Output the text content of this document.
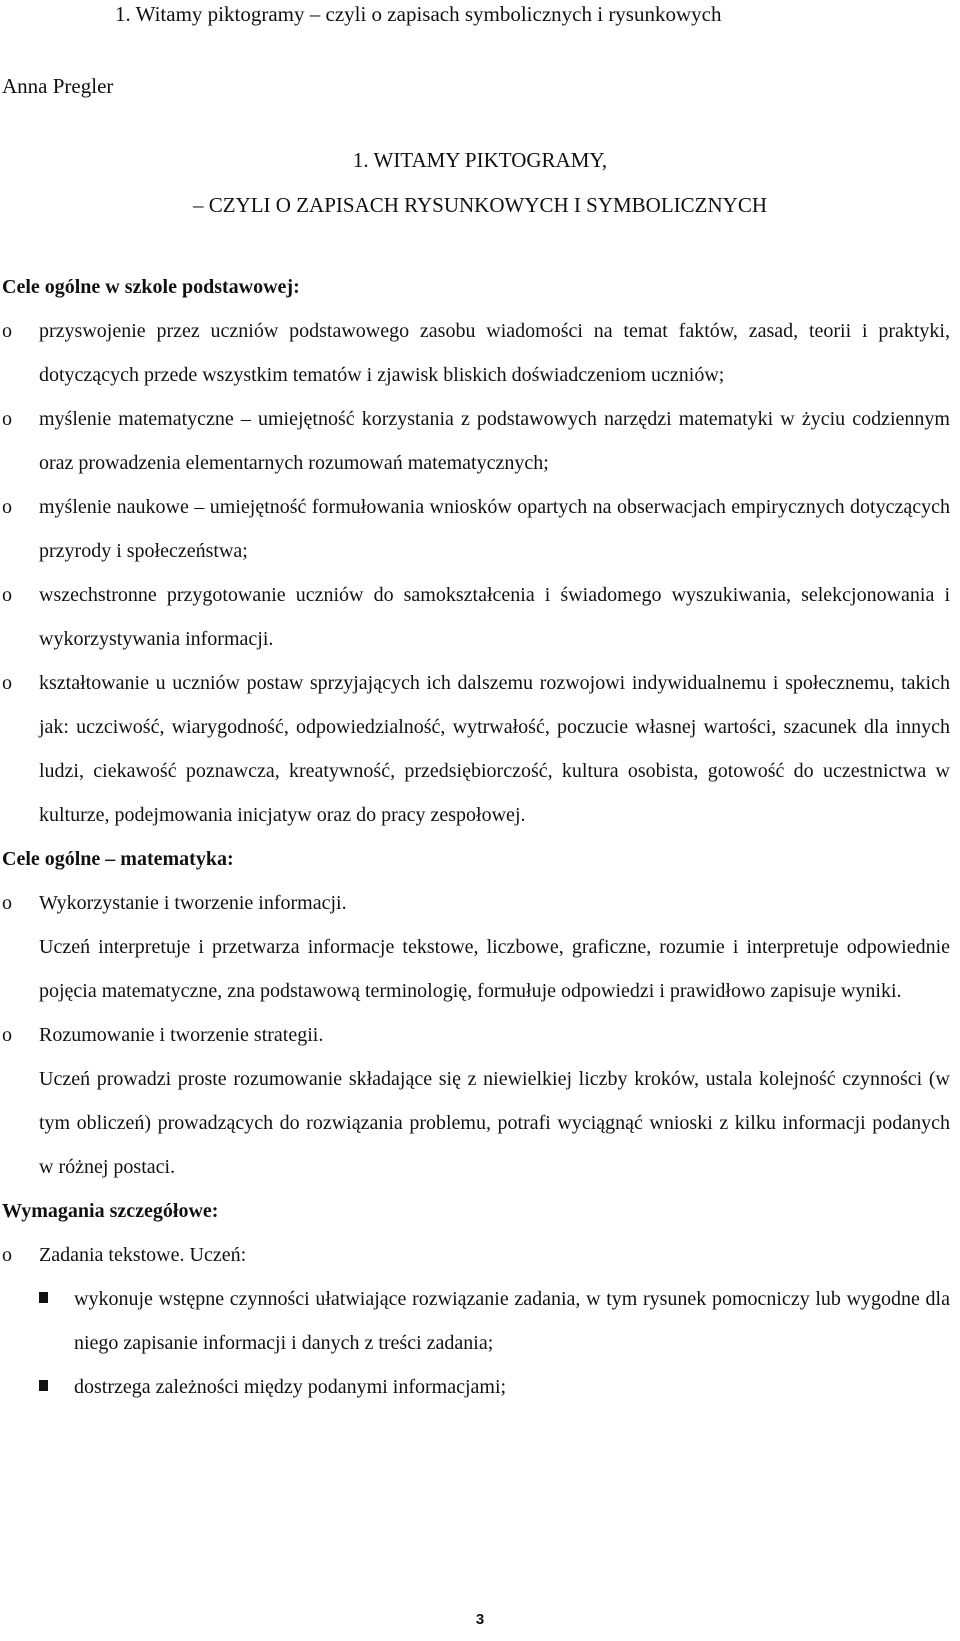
1. Witamy piktogramy – czyli o zapisach symbolicznych i rysunkowych
Anna Pregler
1. WITAMY PIKTOGRAMY,
– CZYLI O ZAPISACH RYSUNKOWYCH I SYMBOLICZNYCH
Cele ogólne w szkole podstawowej:
o przyswojenie przez uczniów podstawowego zasobu wiadomości na temat faktów, zasad, teorii i praktyki, dotyczących przede wszystkim tematów i zjawisk bliskich doświadczeniom uczniów;
o myślenie matematyczne – umiejętność korzystania z podstawowych narzędzi matematyki w życiu codziennym oraz prowadzenia elementarnych rozumowań matematycznych;
o myślenie naukowe – umiejętność formułowania wniosków opartych na obserwacjach empirycznych dotyczących przyrody i społeczeństwa;
o wszechstronne przygotowanie uczniów do samokształcenia i świadomego wyszukiwania, selekcjonowania i wykorzystywania informacji.
o kształtowanie u uczniów postaw sprzyjających ich dalszemu rozwojowi indywidualnemu i społecznemu, takich jak: uczciwość, wiarygodność, odpowiedzialność, wytrwałość, poczucie własnej wartości, szacunek dla innych ludzi, ciekawość poznawcza, kreatywność, przedsiębiorczość, kultura osobista, gotowość do uczestnictwa w kulturze, podejmowania inicjatyw oraz do pracy zespołowej.
Cele ogólne – matematyka:
o Wykorzystanie i tworzenie informacji.
Uczeń interpretuje i przetwarza informacje tekstowe, liczbowe, graficzne, rozumie i interpretuje odpowiednie pojęcia matematyczne, zna podstawową terminologię, formułuje odpowiedzi i prawidłowo zapisuje wyniki.
o Rozumowanie i tworzenie strategii.
Uczeń prowadzi proste rozumowanie składające się z niewielkiej liczby kroków, ustala kolejność czynności (w tym obliczeń) prowadzących do rozwiązania problemu, potrafi wyciągnąć wnioski z kilku informacji podanych w różnej postaci.
Wymagania szczegółowe:
o Zadania tekstowe. Uczeń:
wykonuje wstępne czynności ułatwiające rozwiązanie zadania, w tym rysunek pomocniczy lub wygodne dla niego zapisanie informacji i danych z treści zadania;
dostrzega zależności między podanymi informacjami;
3
